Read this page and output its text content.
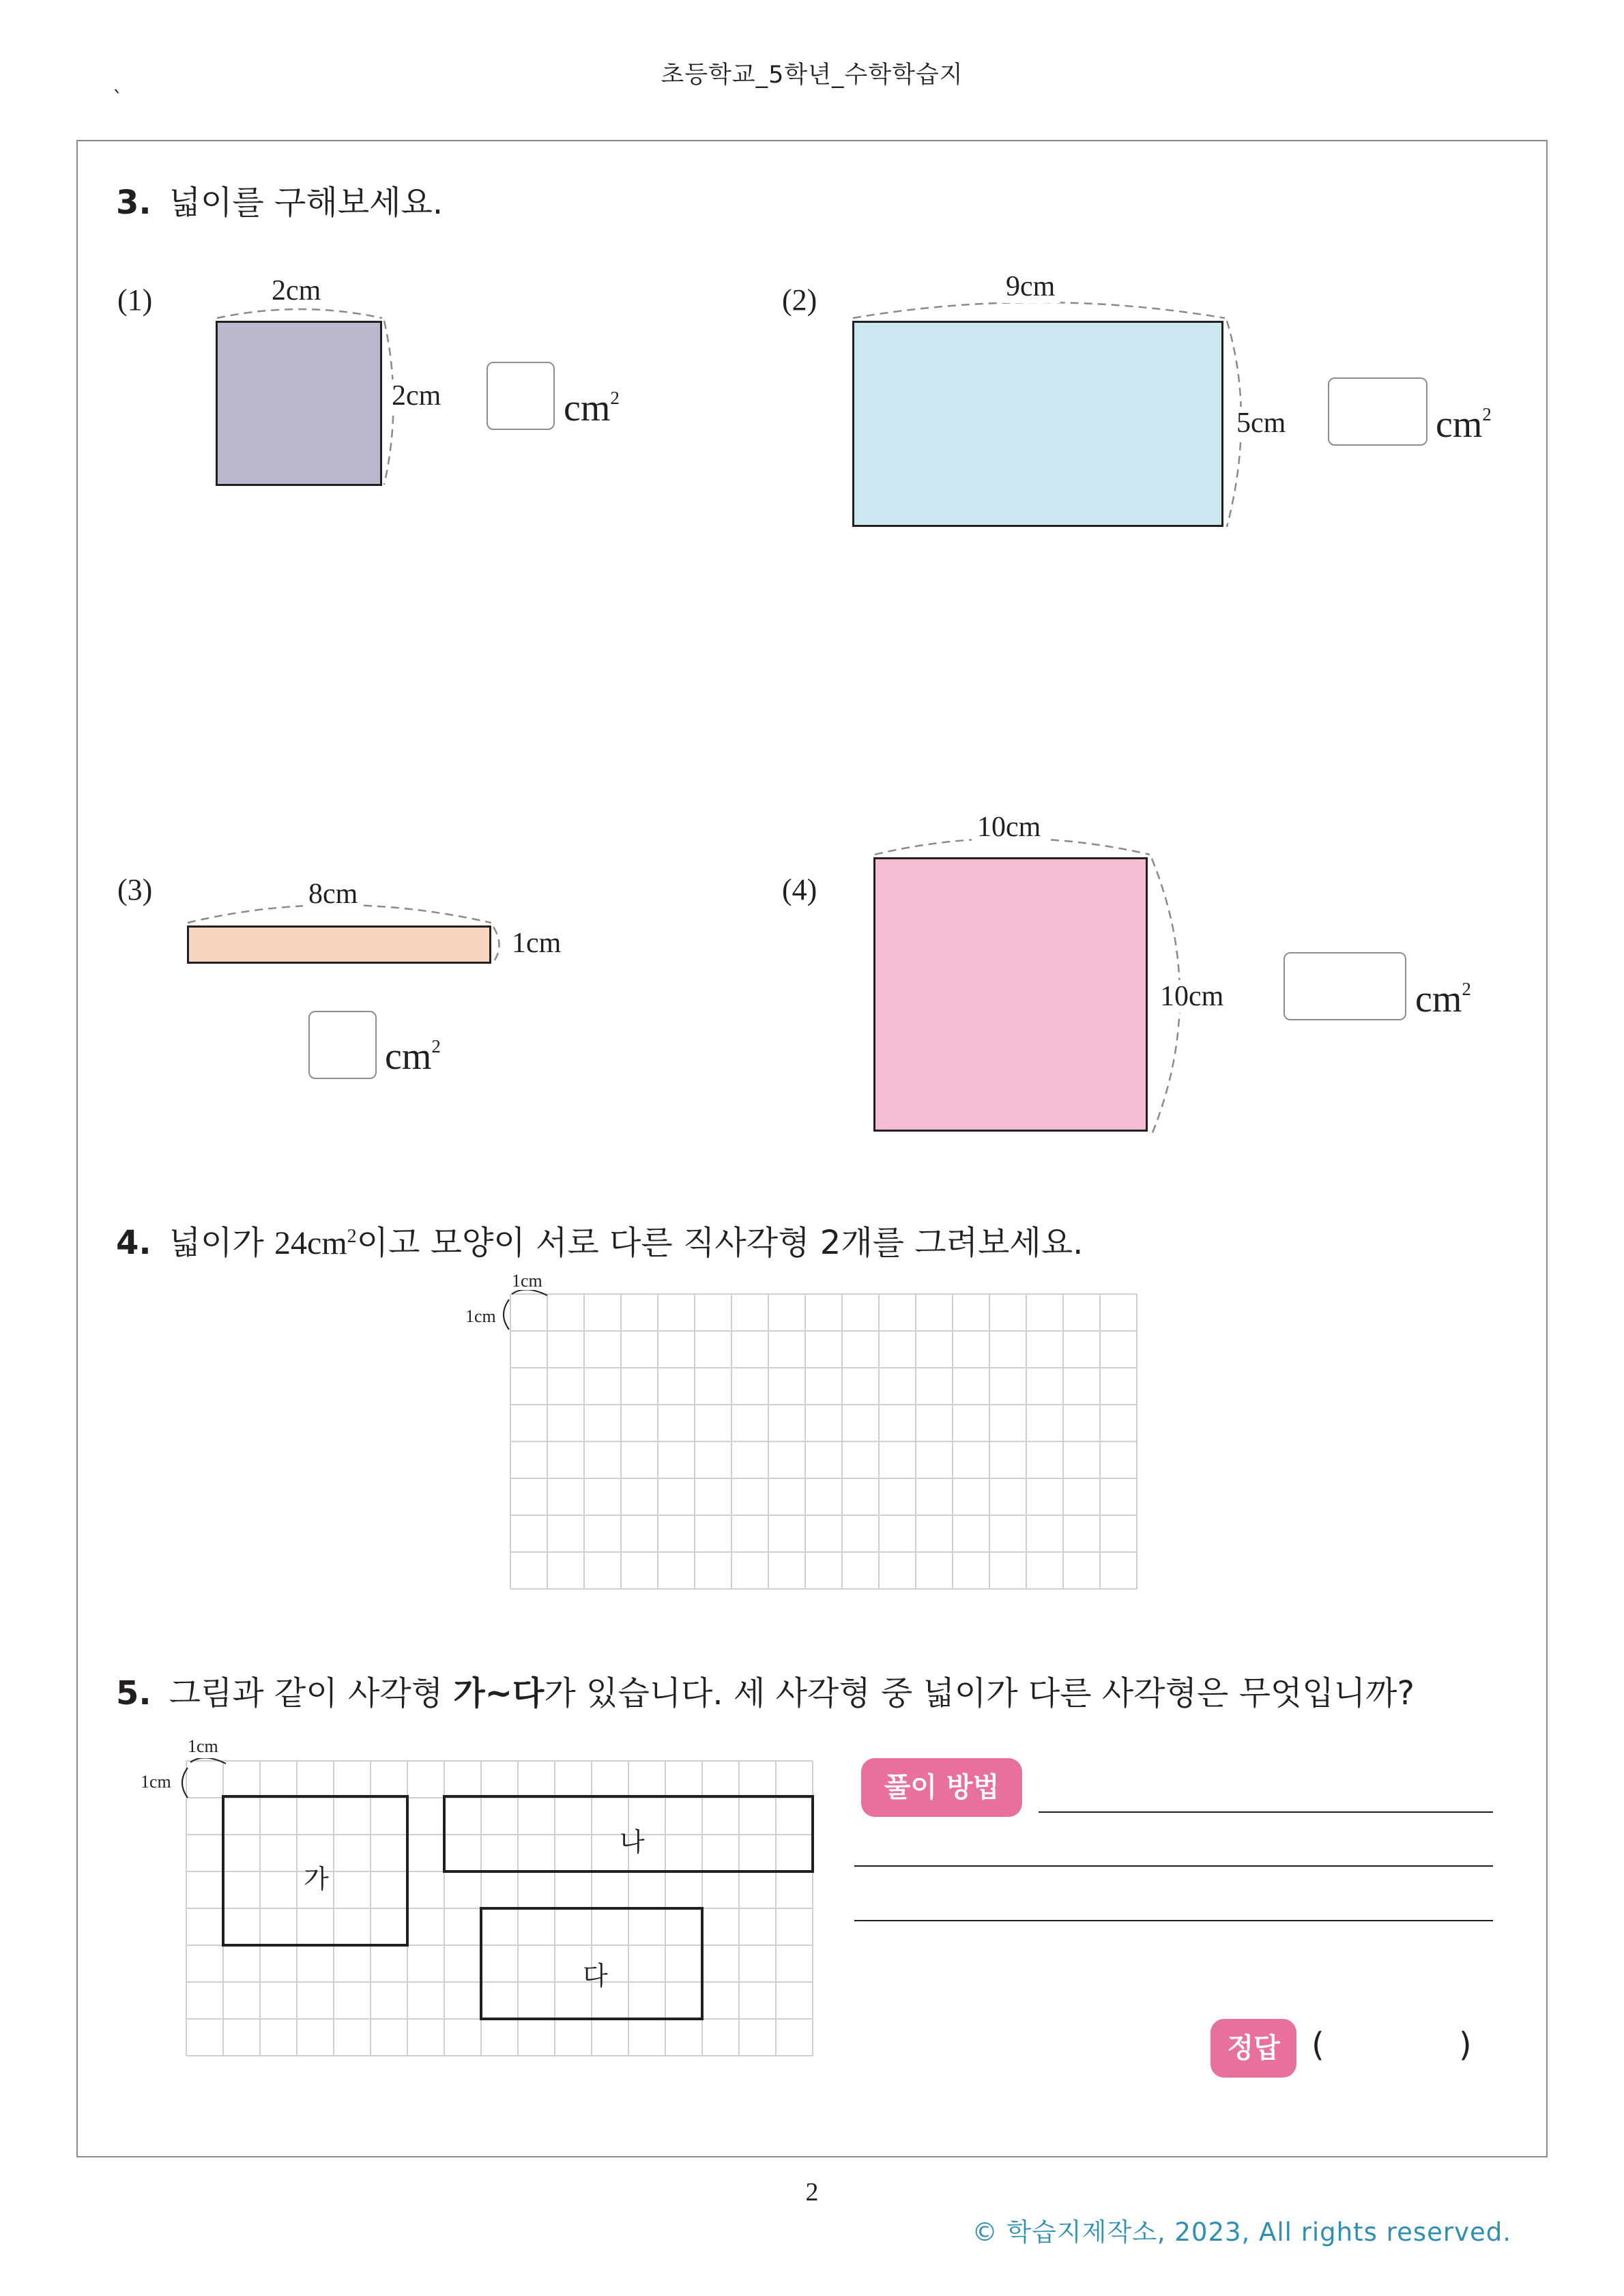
초등학교_5학년_수학학습지
`
3. 넓이를 구해보세요.
(1)	2cm
2cm	$cm^2$
(2)	9cm
5cm	$cm^2$
(3)	8cm
1cm
$cm^2$
(4)
10cm
10cm	$cm^2$
4. 넓이가 $24cm^2$이고 모양이 서로 다른 직사각형 2개를 그려보세요.
1cm
1cm
5. 그림과 같이 사각형 가~다가 있습니다. 세 사각형 중 넓이가 다른 사각형은 무엇입니까?
1cm
1cm
가
나
다
풀이 방법
정답 (	)
2
© 학습지제작소, 2023, All rights reserved.
